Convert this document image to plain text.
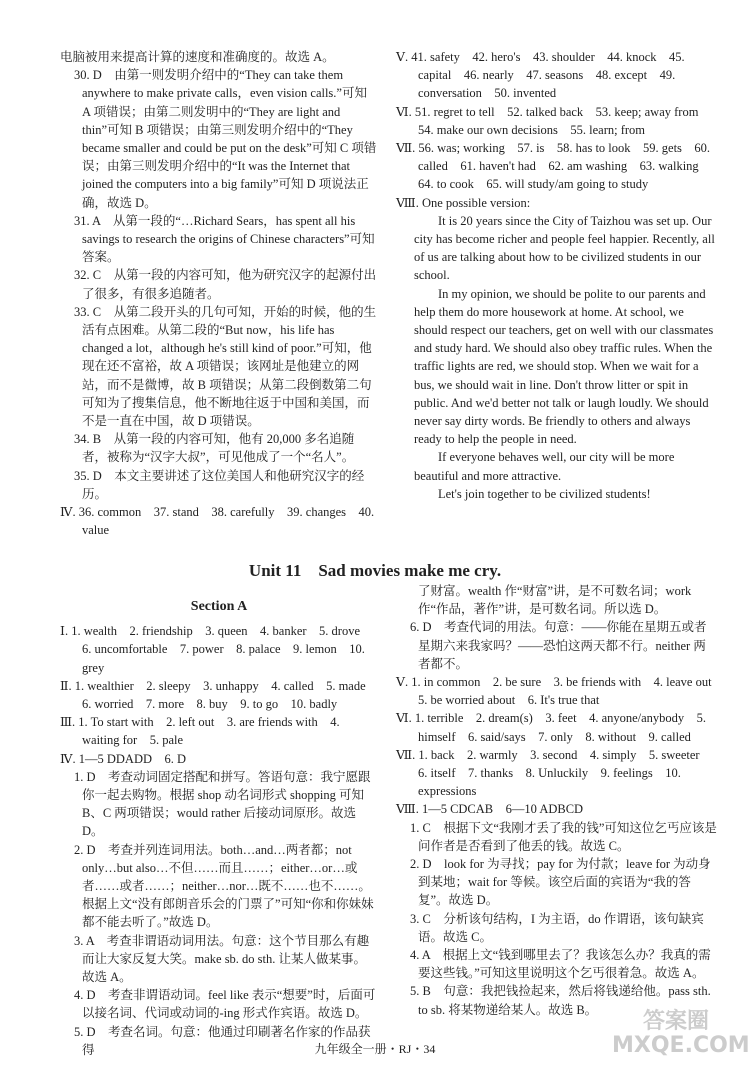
电脑被用来提高计算的速度和准确度的。故选 A。

30. D　由第一则发明介绍中的“They can take them anywhere to make private calls，even vision calls.”可知 A 项错误；由第二则发明中的“They are light and thin”可知 B 项错误；由第三则发明介绍中的“They became smaller and could be put on the desk”可知 C 项错误；由第三则发明介绍中的“It was the Internet that joined the computers into a big family”可知 D 项说法正确，故选 D。

31. A　从第一段的“…Richard Sears，has spent all his savings to research the origins of Chinese characters”可知答案。

32. C　从第一段的内容可知，他为研究汉字的起源付出了很多，有很多追随者。

33. C　从第二段开头的几句可知，开始的时候，他的生活有点困难。从第二段的“But now，his life has changed a lot，although he's still kind of poor.”可知，他现在还不富裕，故 A 项错误；该网址是他建立的网站，而不是微博，故 B 项错误；从第二段倒数第二句可知为了搜集信息，他不断地往返于中国和美国，而不是一直在中国，故 D 项错误。

34. B　从第一段的内容可知，他有 20,000 多名追随者，被称为“汉字大叔”，可见他成了一个“名人”。

35. D　本文主要讲述了这位美国人和他研究汉字的经历。

Ⅳ. 36. common　37. stand　38. carefully　39. changes　40. value

Ⅴ. 41. safety　42. hero's　43. shoulder　44. knock　45. capital　46. nearly　47. seasons　48. except　49. conversation　50. invented

Ⅵ. 51. regret to tell　52. talked back　53. keep; away from　54. make our own decisions　55. learn; from

Ⅶ. 56. was; working　57. is　58. has to look　59. gets　60. called　61. haven't had　62. am washing　63. walking　64. to cook　65. will study/am going to study

Ⅷ. One possible version:

It is 20 years since the City of Taizhou was set up. Our city has become richer and people feel happier. Recently, all of us are talking about how to be civilized students in our school.

In my opinion, we should be polite to our parents and help them do more housework at home. At school, we should respect our teachers, get on well with our classmates and study hard. We should also obey traffic rules. When the traffic lights are red, we should stop. When we wait for a bus, we should wait in line. Don't throw litter or spit in public. And we'd better not talk or laugh loudly. We should never say dirty words. Be friendly to others and always ready to help the people in need.

If everyone behaves well, our city will be more beautiful and more attractive.

Let's join together to be civilized students!

Unit 11　Sad movies make me cry.
Section A

Ⅰ. 1. wealth　2. friendship　3. queen　4. banker　5. drove　6. uncomfortable　7. power　8. palace　9. lemon　10. grey

Ⅱ. 1. wealthier　2. sleepy　3. unhappy　4. called　5. made　6. worried　7. more　8. buy　9. to go　10. badly

Ⅲ. 1. To start with　2. left out　3. are friends with　4. waiting for　5. pale

Ⅳ. 1—5 DDADD　6. D

1. D　考查动词固定搭配和拼写。答语句意：我宁愿跟你一起去购物。根据 shop 动名词形式 shopping 可知 B、C 两项错误；would rather 后接动词原形。故选 D。

2. D　考查并列连词用法。both…and…两者都；not only…but also…不但……而且……；either…or…或者……或者……；neither…nor…既不……也不……。根据上文“没有郎朗音乐会的门票了”可知“你和你妹妹都不能去听了。”故选 D。

3. A　考查非谓语动词用法。句意：这个节目那么有趣而让大家反复大笑。make sb. do sth. 让某人做某事。故选 A。

4. D　考查非谓语动词。feel like 表示“想要”时，后面可以接名词、代词或动词的-ing 形式作宾语。故选 D。

5. D　考查名词。句意：他通过印刷著名作家的作品获得

了财富。wealth 作“财富”讲，是不可数名词；work 作“作品，著作”讲，是可数名词。所以选 D。

6. D　考查代词的用法。句意：——你能在星期五或者星期六来我家吗？——恐怕这两天都不行。neither 两者都不。

Ⅴ. 1. in common　2. be sure　3. be friends with　4. leave out　5. be worried about　6. It's true that

Ⅵ. 1. terrible　2. dream(s)　3. feet　4. anyone/anybody　5. himself　6. said/says　7. only　8. without　9. called

Ⅶ. 1. back　2. warmly　3. second　4. simply　5. sweeter　6. itself　7. thanks　8. Unluckily　9. feelings　10. expressions

Ⅷ. 1—5 CDCAB　6—10 ADBCD

1. C　根据下文“我刚才丢了我的钱”可知这位乞丐应该是问作者是否看到了他丢的钱。故选 C。

2. D　look for 为寻找；pay for 为付款；leave for 为动身到某地；wait for 等候。该空后面的宾语为“我的答复”。故选 D。

3. C　分析该句结构，I 为主语，do 作谓语，该句缺宾语。故选 C。

4. A　根据上文“钱到哪里去了？我该怎么办？我真的需要这些钱。”可知这里说明这个乞丐很着急。故选 A。

5. B　句意：我把钱捡起来，然后将钱递给他。pass sth. to sb. 将某物递给某人。故选 B。

九年级全一册・RJ・34
答案圈 MXQE.COM
